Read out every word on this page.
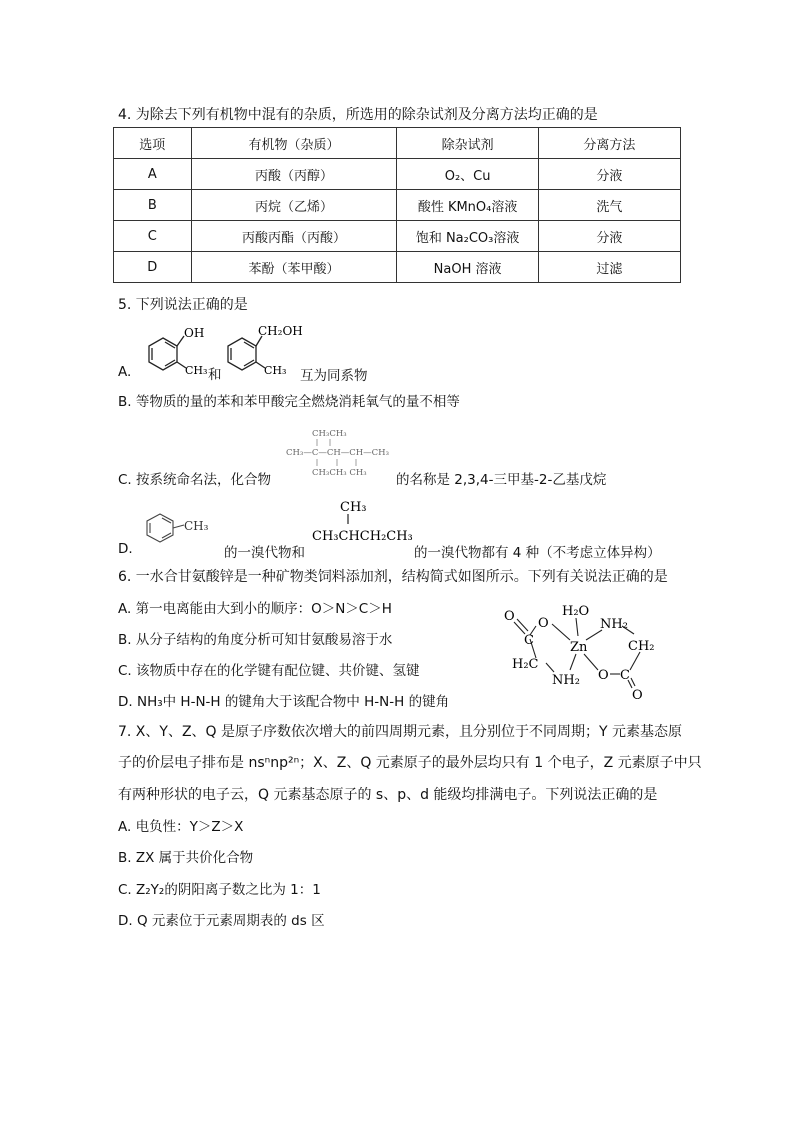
4. 为除去下列有机物中混有的杂质，所选用的除杂试剂及分离方法均正确的是
选项	有机物（杂质）	除杂试剂	分离方法
A	丙酸（丙醇）	O₂、Cu	分液
B	丙烷（乙烯）	酸性 KMnO₄溶液	洗气
C	丙酸丙酯（丙酸）	饱和 Na₂CO₃溶液	分液
D	苯酚（苯甲酸）	NaOH 溶液	过滤
5. 下列说法正确的是
OH
CH₃
CH₂OH
CH₃
A.	和	互为同系物
B. 等物质的量的苯和苯甲酸完全燃烧消耗氧气的量不相等
C. 按系统命名法，化合物
CH₃CH₃
CH₃—C—CH—CH—CH₃
CH₃CH₃ CH₃ 的名称是 2,3,4-三甲基-2-乙基戊烷
D.
CH₃
的一溴代物和
CH₃
CH₃CHCH₂CH₃
的一溴代物都有 4 种（不考虑立体异构）
6. 一水合甘氨酸锌是一种矿物类饲料添加剂，结构简式如图所示。下列有关说法正确的是
A. 第一电离能由大到小的顺序：O＞N＞C＞H
B. 从分子结构的角度分析可知甘氨酸易溶于水
C. 该物质中存在的化学键有配位键、共价键、氢键
D. NH₃中 H-N-H 的键角大于该配合物中 H-N-H 的键角
O
C
O
H₂O
Zn
NH₂
CH₂
H₂C
NH₂ O C
O
7. X、Y、Z、Q 是原子序数依次增大的前四周期元素，且分别位于不同周期；Y 元素基态原
子的价层电子排布是 nsⁿnp²ⁿ；X、Z、Q 元素原子的最外层均只有 1 个电子，Z 元素原子中只
有两种形状的电子云，Q 元素基态原子的 s、p、d 能级均排满电子。下列说法正确的是
A. 电负性：Y＞Z＞X
B. ZX 属于共价化合物
C. Z₂Y₂的阴阳离子数之比为 1：1
D. Q 元素位于元素周期表的 ds 区
